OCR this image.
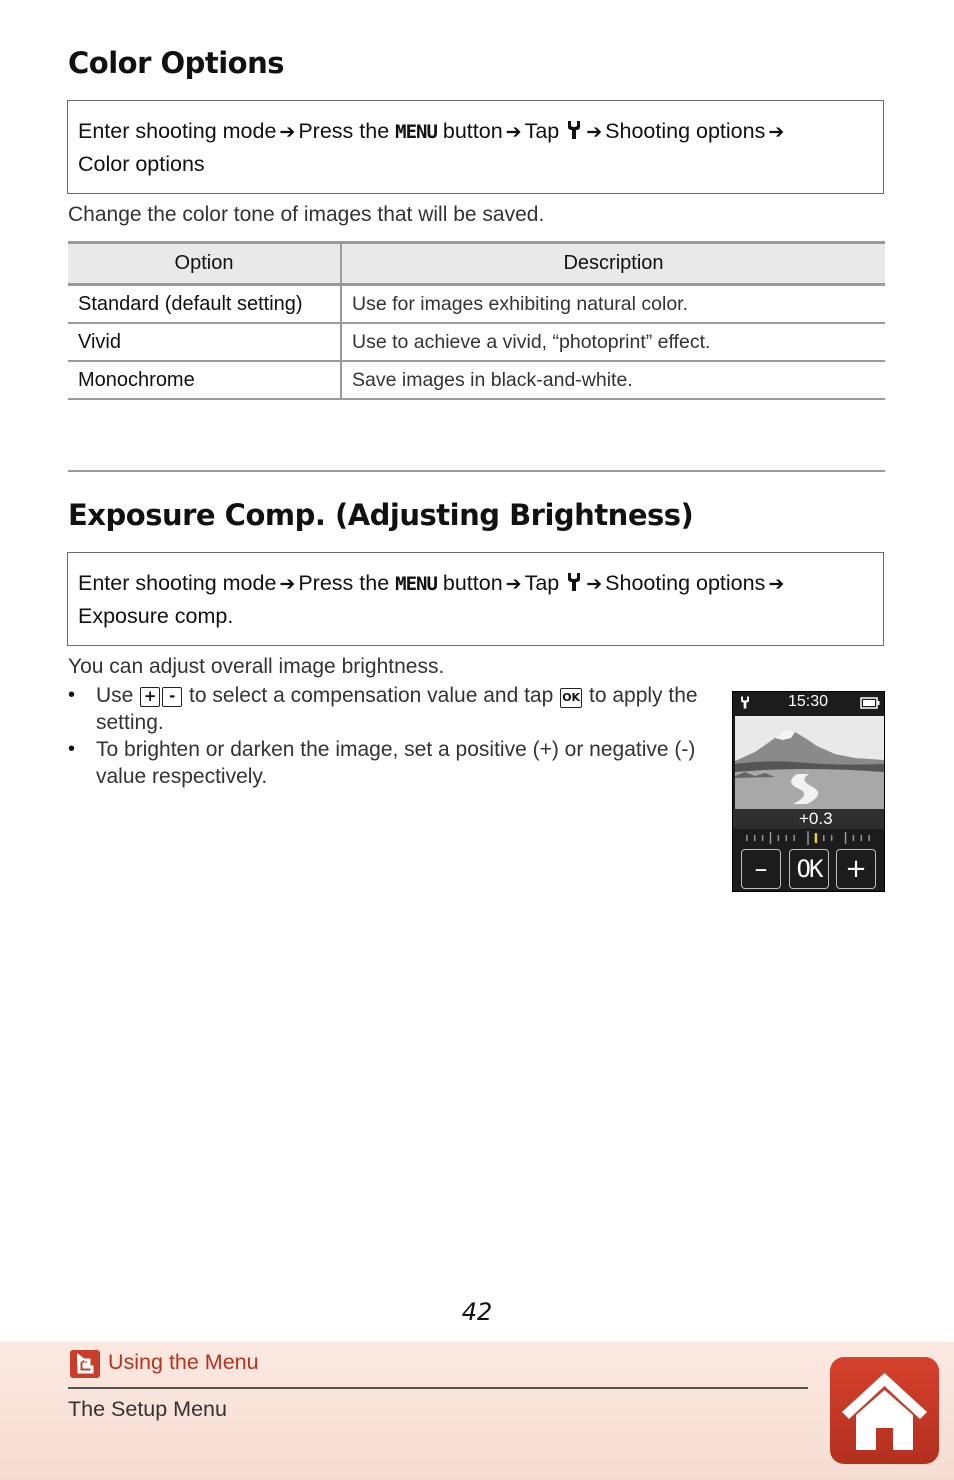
Color Options
Enter shooting mode ➔ Press the MENU button ➔ Tap ➔ Shooting options ➔
Color options

Change the color tone of images that will be saved.

Option	Description
Standard (default setting)	Use for images exhibiting natural color.
Vivid	Use to achieve a vivid, “photoprint” effect.
Monochrome	Save images in black-and-white.
Exposure Comp. (Adjusting Brightness)
Enter shooting mode ➔ Press the MENU button ➔ Tap ➔ Shooting options ➔
Exposure comp.

You can adjust overall image brightness.

• Use + - to select a compensation value and tap OK to apply the setting.
• To brighten or darken the image, set a positive (+) or negative (-) value respectively.
15:30
+0.3
–	OK +

42

Using the Menu

The Setup Menu
